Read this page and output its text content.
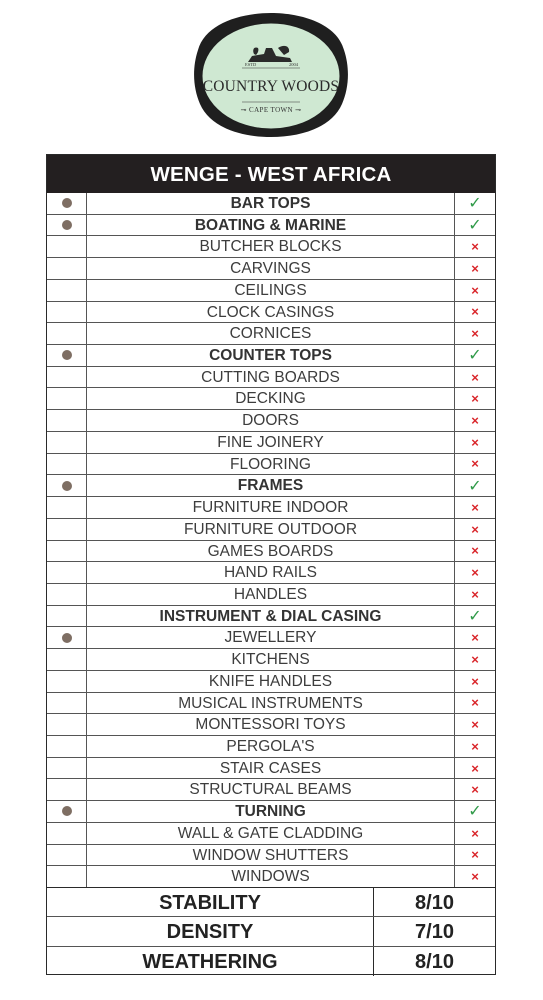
ESTD	2004
COUNTRY WOODS
⊸ CAPE TOWN ⊸
WENGE - WEST AFRICA
BAR TOPS	✓
BOATING & MARINE	✓
BUTCHER BLOCKS	×
CARVINGS	×
CEILINGS	×
CLOCK CASINGS	×
CORNICES	×
COUNTER TOPS	✓
CUTTING BOARDS	×
DECKING	×
DOORS	×
FINE JOINERY	×
FLOORING	×
FRAMES	✓
FURNITURE INDOOR	×
FURNITURE OUTDOOR	×
GAMES BOARDS	×
HAND RAILS	×
HANDLES	×
INSTRUMENT & DIAL CASING	✓
JEWELLERY	×
KITCHENS	×
KNIFE HANDLES	×
MUSICAL INSTRUMENTS	×
MONTESSORI TOYS	×
PERGOLA'S	×
STAIR CASES	×
STRUCTURAL BEAMS	×
TURNING	✓
WALL & GATE CLADDING	×
WINDOW SHUTTERS	×
WINDOWS	×
STABILITY	8/10
DENSITY	7/10
WEATHERING	8/10
